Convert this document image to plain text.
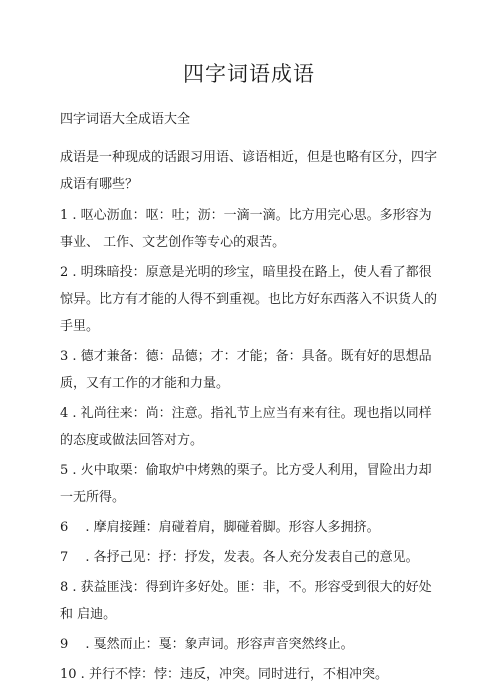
四字词语成语

四字词语大全成语大全

成语是一种现成的话跟习用语、谚语相近，但是也略有区分，四字 成语有哪些？

1 . 呕心沥血：呕：吐；沥：一滴一滴。比方用完心思。多形容为事业、 工作、文艺创作等专心的艰苦。

2 . 明珠暗投：原意是光明的珍宝，暗里投在路上，使人看了都很惊异。比方有才能的人得不到重视。也比方好东西落入不识货人的手里。

3 . 德才兼备：德：品德；才：才能；备：具备。既有好的思想品质，又有工作的才能和力量。

4 . 礼尚往来：尚：注意。指礼节上应当有来有往。现也指以同样的态度或做法回答对方。

5 . 火中取栗：偷取炉中烤熟的栗子。比方受人利用，冒险出力却一无所得。

6 　. 摩肩接踵：肩碰着肩，脚碰着脚。形容人多拥挤。

7 　. 各抒己见：抒：抒发，发表。各人充分发表自己的意见。

8 . 获益匪浅：得到许多好处。匪：非，不。形容受到很大的好处和 启迪。

9 　. 戛然而止：戛：象声词。形容声音突然终止。

10 . 并行不悖：悖：违反，冲突。同时进行，不相冲突。
